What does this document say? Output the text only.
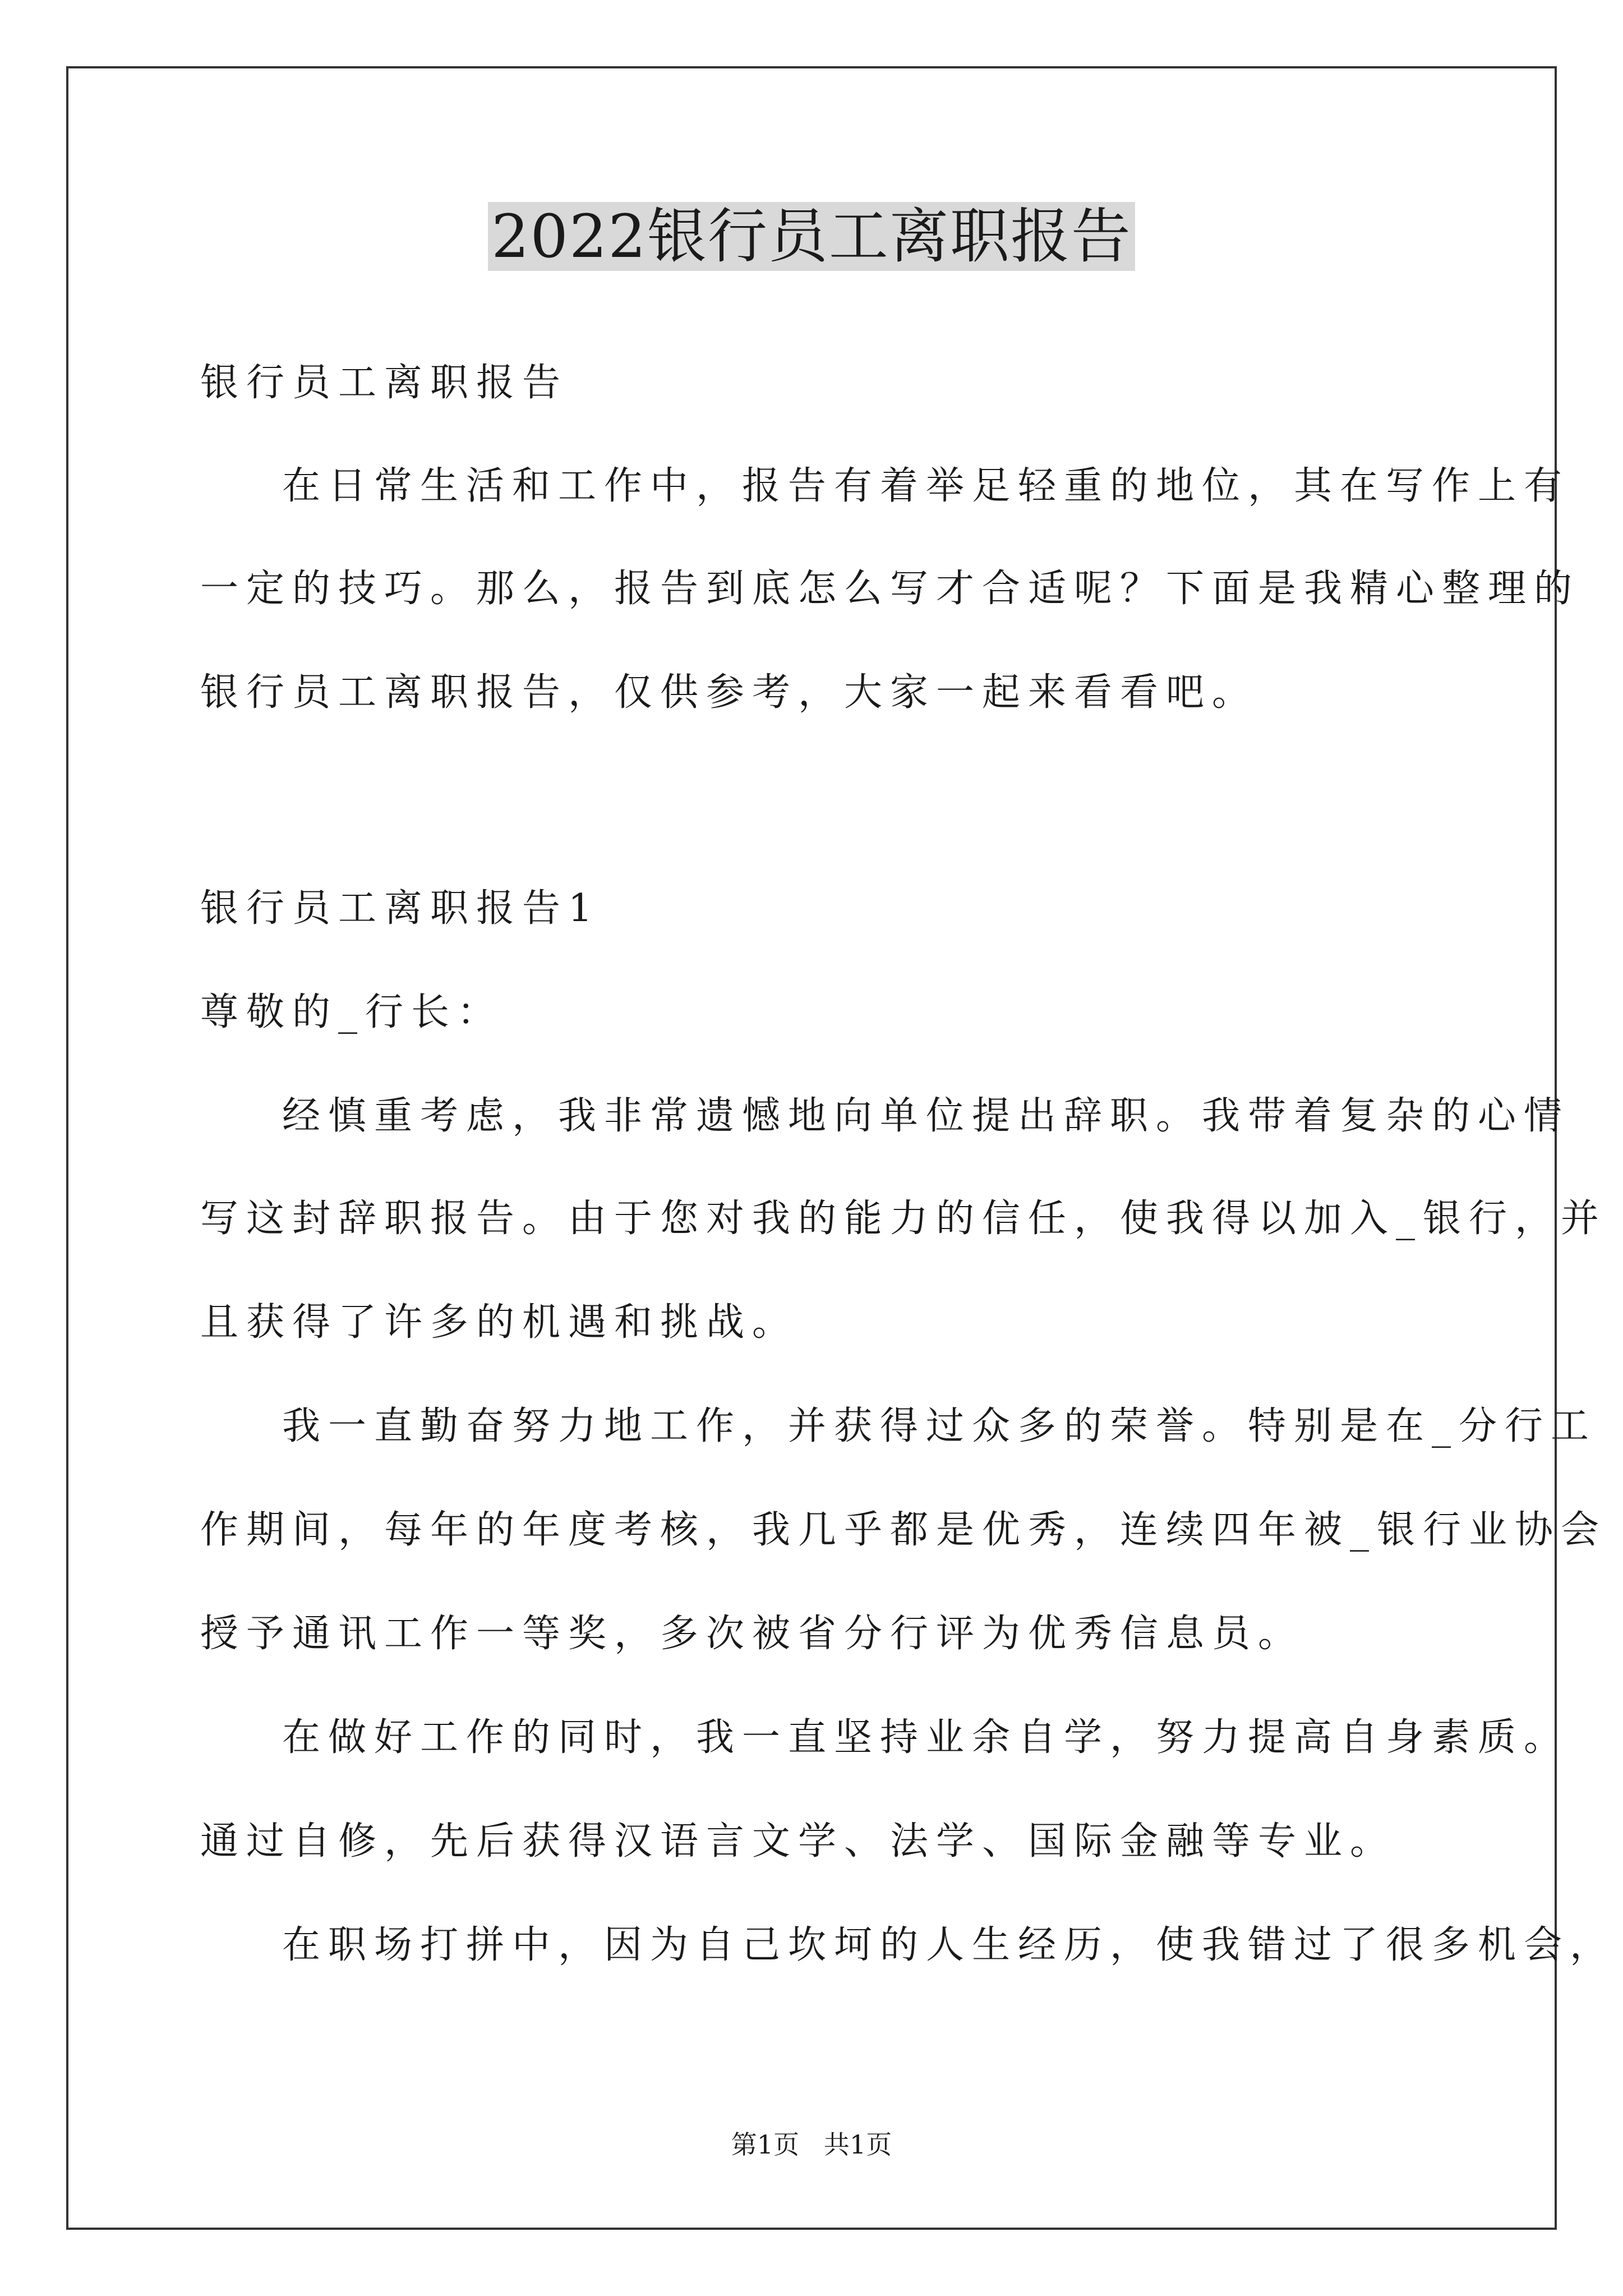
2022银行员工离职报告
银行员工离职报告
在日常生活和工作中，报告有着举足轻重的地位，其在写作上有
一定的技巧。那么，报告到底怎么写才合适呢？下面是我精心整理的
银行员工离职报告，仅供参考，大家一起来看看吧。
银行员工离职报告1
尊敬的_行长：
经慎重考虑，我非常遗憾地向单位提出辞职。我带着复杂的心情
写这封辞职报告。由于您对我的能力的信任，使我得以加入_银行，并
且获得了许多的机遇和挑战。
我一直勤奋努力地工作，并获得过众多的荣誉。特别是在_分行工
作期间，每年的年度考核，我几乎都是优秀，连续四年被_银行业协会
授予通讯工作一等奖，多次被省分行评为优秀信息员。
在做好工作的同时，我一直坚持业余自学，努力提高自身素质。
通过自修，先后获得汉语言文学、法学、国际金融等专业。
在职场打拼中，因为自己坎坷的人生经历，使我错过了很多机会，
第1页   共1页
